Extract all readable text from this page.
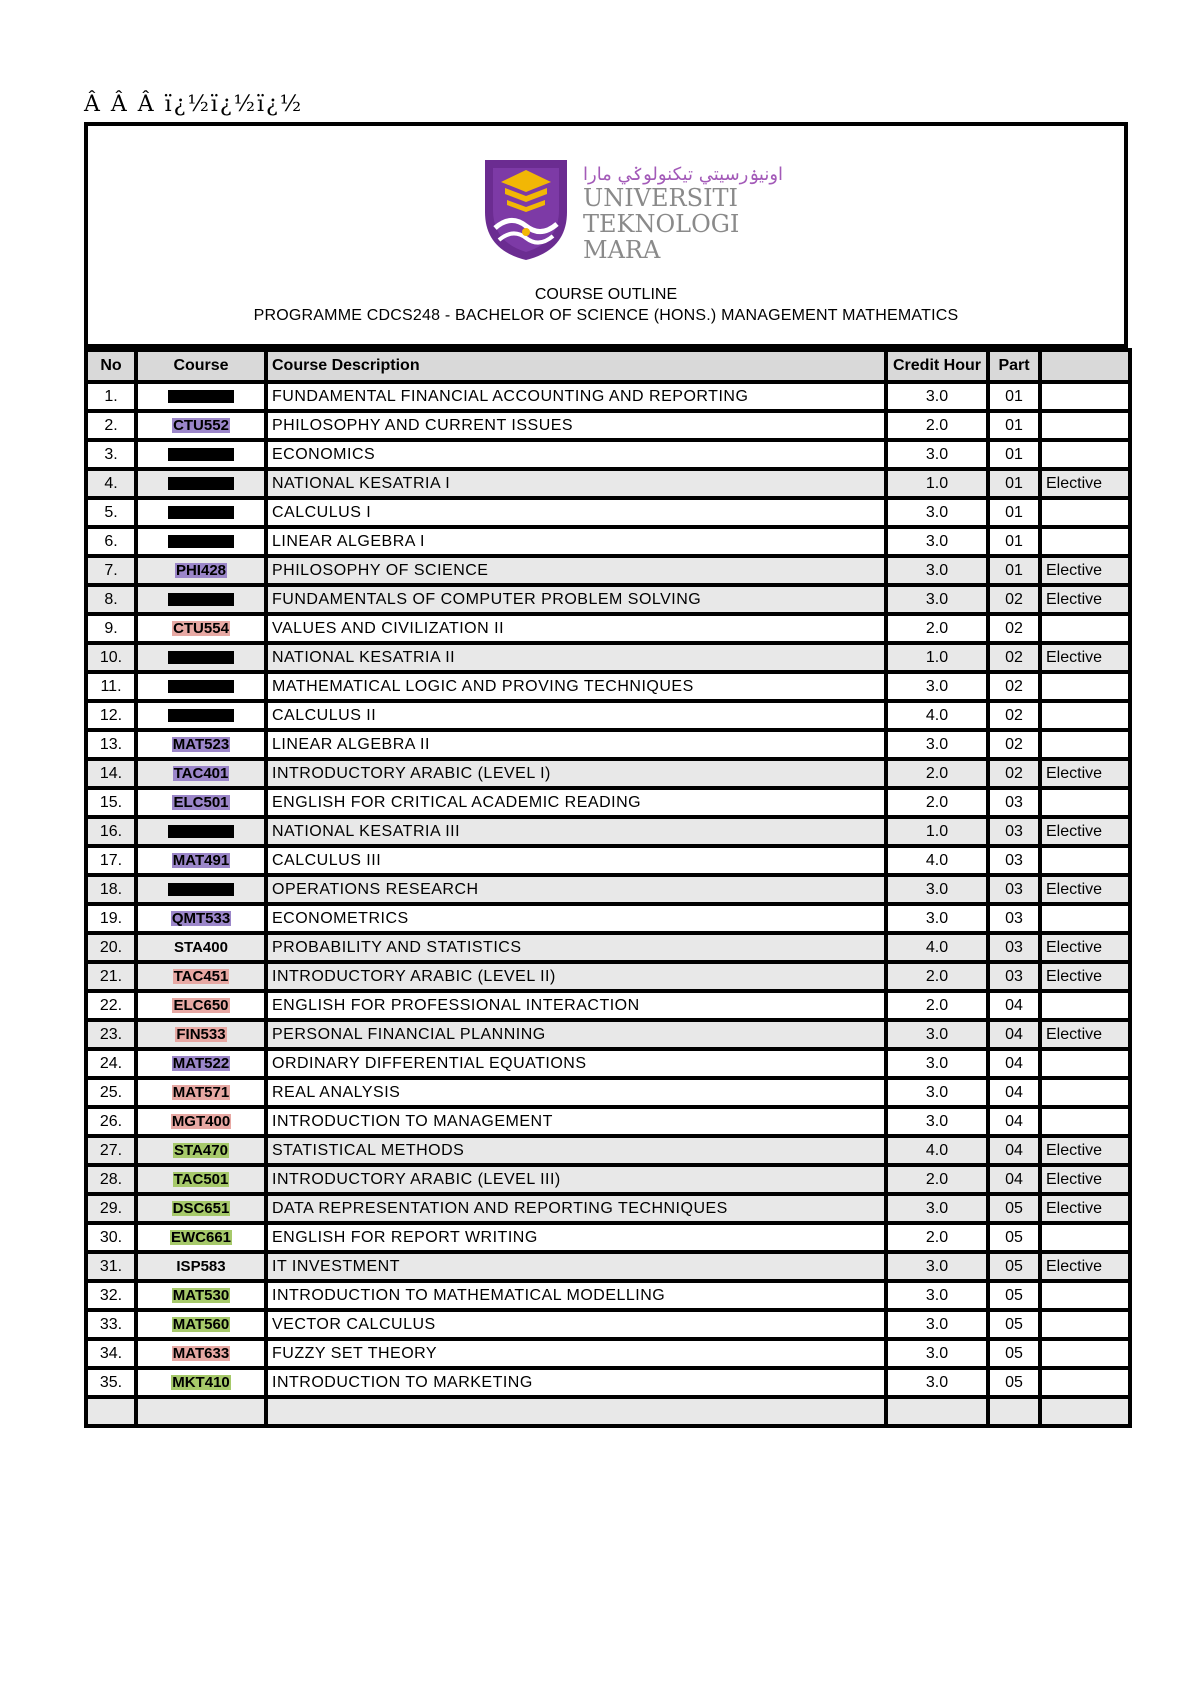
Â Â Â ï¿½ï¿½ï¿½
اونيۏرسيتي تيكنولوݢي مارا
UNIVERSITI
TEKNOLOGI
MARA
COURSE OUTLINE
PROGRAMME CDCS248 - BACHELOR OF SCIENCE (HONS.) MANAGEMENT MATHEMATICS
No	Course	Course Description	Credit Hour	Part	
1.		FUNDAMENTAL FINANCIAL ACCOUNTING AND REPORTING	3.0	01	
2.	CTU552	PHILOSOPHY AND CURRENT ISSUES	2.0	01	
3.		ECONOMICS	3.0	01	
4.		NATIONAL KESATRIA I	1.0	01	Elective
5.		CALCULUS I	3.0	01	
6.		LINEAR ALGEBRA I	3.0	01	
7.	PHI428	PHILOSOPHY OF SCIENCE	3.0	01	Elective
8.		FUNDAMENTALS OF COMPUTER PROBLEM SOLVING	3.0	02	Elective
9.	CTU554	VALUES AND CIVILIZATION II	2.0	02	
10.		NATIONAL KESATRIA II	1.0	02	Elective
11.		MATHEMATICAL LOGIC AND PROVING TECHNIQUES	3.0	02	
12.		CALCULUS II	4.0	02	
13.	MAT523	LINEAR ALGEBRA II	3.0	02	
14.	TAC401	INTRODUCTORY ARABIC (LEVEL I)	2.0	02	Elective
15.	ELC501	ENGLISH FOR CRITICAL ACADEMIC READING	2.0	03	
16.		NATIONAL KESATRIA III	1.0	03	Elective
17.	MAT491	CALCULUS III	4.0	03	
18.		OPERATIONS RESEARCH	3.0	03	Elective
19.	QMT533	ECONOMETRICS	3.0	03	
20.	STA400	PROBABILITY AND STATISTICS	4.0	03	Elective
21.	TAC451	INTRODUCTORY ARABIC (LEVEL II)	2.0	03	Elective
22.	ELC650	ENGLISH FOR PROFESSIONAL INTERACTION	2.0	04	
23.	FIN533	PERSONAL FINANCIAL PLANNING	3.0	04	Elective
24.	MAT522	ORDINARY DIFFERENTIAL EQUATIONS	3.0	04	
25.	MAT571	REAL ANALYSIS	3.0	04	
26.	MGT400	INTRODUCTION TO MANAGEMENT	3.0	04	
27.	STA470	STATISTICAL METHODS	4.0	04	Elective
28.	TAC501	INTRODUCTORY ARABIC (LEVEL III)	2.0	04	Elective
29.	DSC651	DATA REPRESENTATION AND REPORTING TECHNIQUES	3.0	05	Elective
30.	EWC661	ENGLISH FOR REPORT WRITING	2.0	05	
31.	ISP583	IT INVESTMENT	3.0	05	Elective
32.	MAT530	INTRODUCTION TO MATHEMATICAL MODELLING	3.0	05	
33.	MAT560	VECTOR CALCULUS	3.0	05	
34.	MAT633	FUZZY SET THEORY	3.0	05	
35.	MKT410	INTRODUCTION TO MARKETING	3.0	05	
